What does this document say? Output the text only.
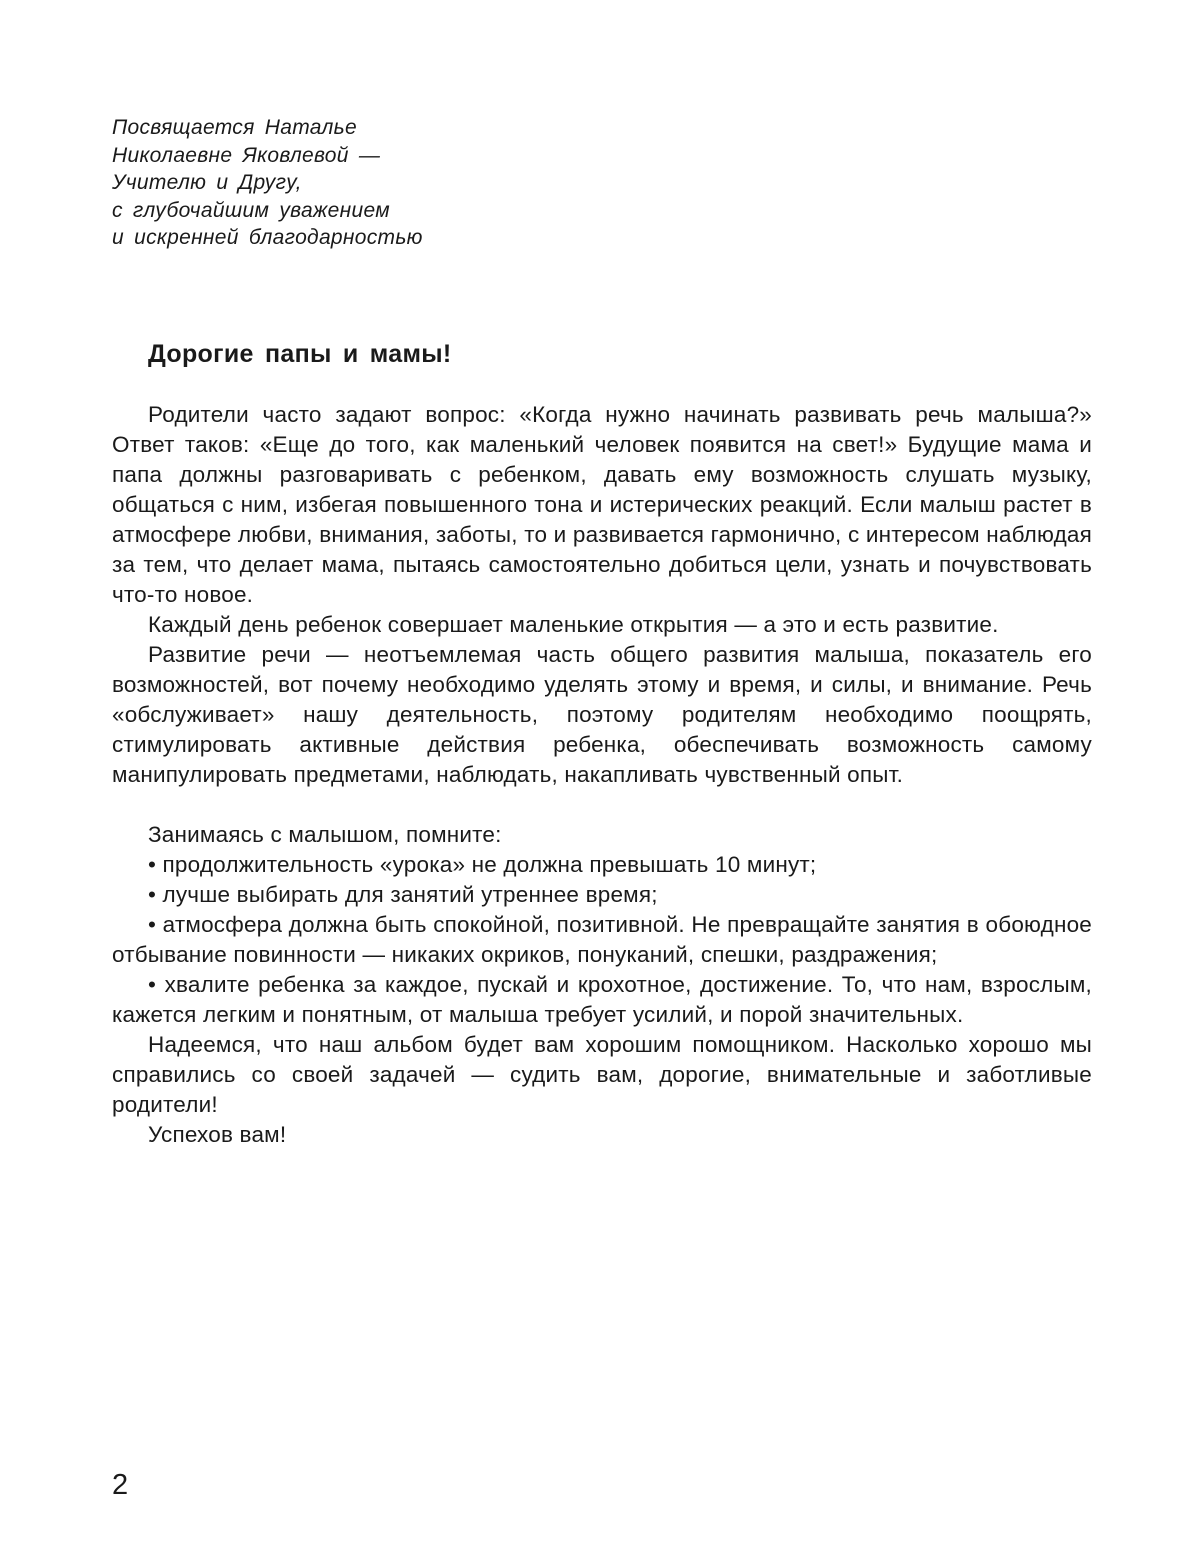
Посвящается Наталье
Николаевне Яковлевой —
Учителю и Другу,
с глубочайшим уважением
и искренней благодарностью
Дорогие папы и мамы!

Родители часто задают вопрос: «Когда нужно начинать развивать речь малыша?» Ответ таков: «Еще до того, как маленький человек появится на свет!» Будущие мама и папа должны разговаривать с ребенком, давать ему возможность слушать музыку, общаться с ним, избегая повышенного тона и истерических реакций. Если малыш растет в атмосфере любви, внимания, заботы, то и развивается гармонично, с интересом наблюдая за тем, что делает мама, пытаясь самостоятельно добиться цели, узнать и почувствовать что-то новое.

Каждый день ребенок совершает маленькие открытия — а это и есть развитие.

Развитие речи — неотъемлемая часть общего развития малыша, показатель его возможностей, вот почему необходимо уделять этому и время, и силы, и внимание. Речь «обслуживает» нашу деятельность, поэтому родителям необходимо поощрять, стимулировать активные действия ребенка, обеспечивать возможность самому манипулировать предметами, наблюдать, накапливать чувственный опыт.

Занимаясь с малышом, помните:

• продолжительность «урока» не должна превышать 10 минут;

• лучше выбирать для занятий утреннее время;

• атмосфера должна быть спокойной, позитивной. Не превращайте занятия в обоюдное отбывание повинности — никаких окриков, понуканий, спешки, раздражения;

• хвалите ребенка за каждое, пускай и крохотное, достижение. То, что нам, взрослым, кажется легким и понятным, от малыша требует усилий, и порой значительных.

Надеемся, что наш альбом будет вам хорошим помощником. Насколько хорошо мы справились со своей задачей — судить вам, дорогие, внимательные и заботливые родители!

Успехов вам!

2
